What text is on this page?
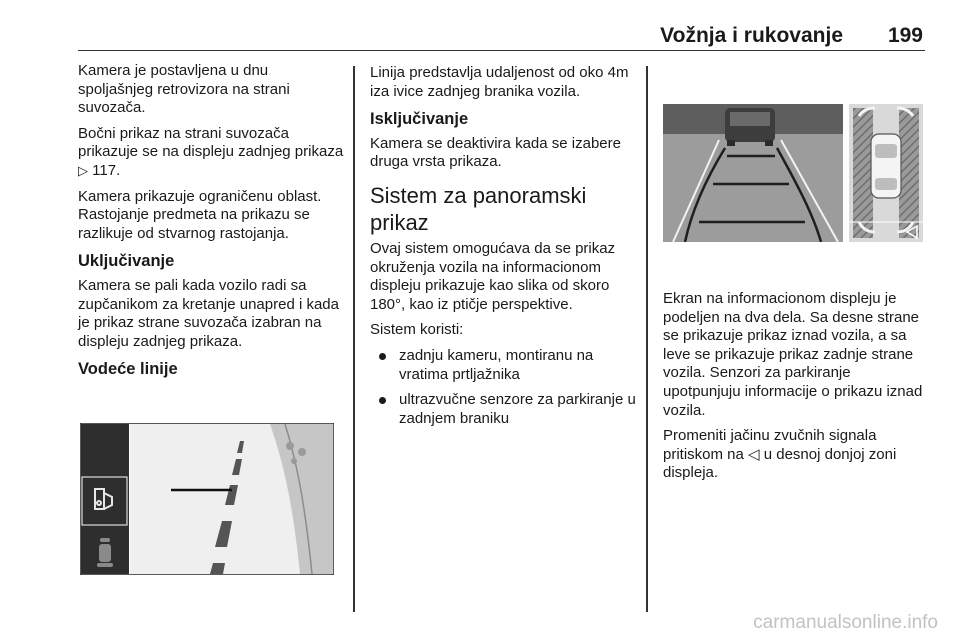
Vožnja i rukovanje 199

Kamera je postavljena u dnu spoljašnjeg retrovizora na strani suvozača.

Bočni prikaz na strani suvozača prikazuje se na displeju zadnjeg prikaza ▷ 117.

Kamera prikazuje ograničenu oblast. Rastojanje predmeta na prikazu se razlikuje od stvarnog rastojanja.

Uključivanje

Kamera se pali kada vozilo radi sa zupčanikom za kretanje unapred i kada je prikaz strane suvozača izabran na displeju zadnjeg prikaza.

Vodeće linije

Linija predstavlja udaljenost od oko 4m iza ivice zadnjeg branika vozila.

Isključivanje

Kamera se deaktivira kada se izabere druga vrsta prikaza.

Sistem za panoramski prikaz

Ovaj sistem omogućava da se prikaz okruženja vozila na informacionom displeju prikazuje kao slika od skoro 180°, kao iz ptičje perspektive.

Sistem koristi:

zadnju kameru, montiranu na vratima prtljažnika
ultrazvučne senzore za parkiranje u zadnjem braniku

Ekran na informacionom displeju je podeljen na dva dela. Sa desne strane se prikazuje prikaz iznad vozila, a sa leve se prikazuje prikaz zadnje strane vozila. Senzori za parkiranje upotpunjuju informacije o prikazu iznad vozila.

Promeniti jačinu zvučnih signala pritiskom na ◁ u desnoj donjoj zoni displeja.

carmanualsonline.info
